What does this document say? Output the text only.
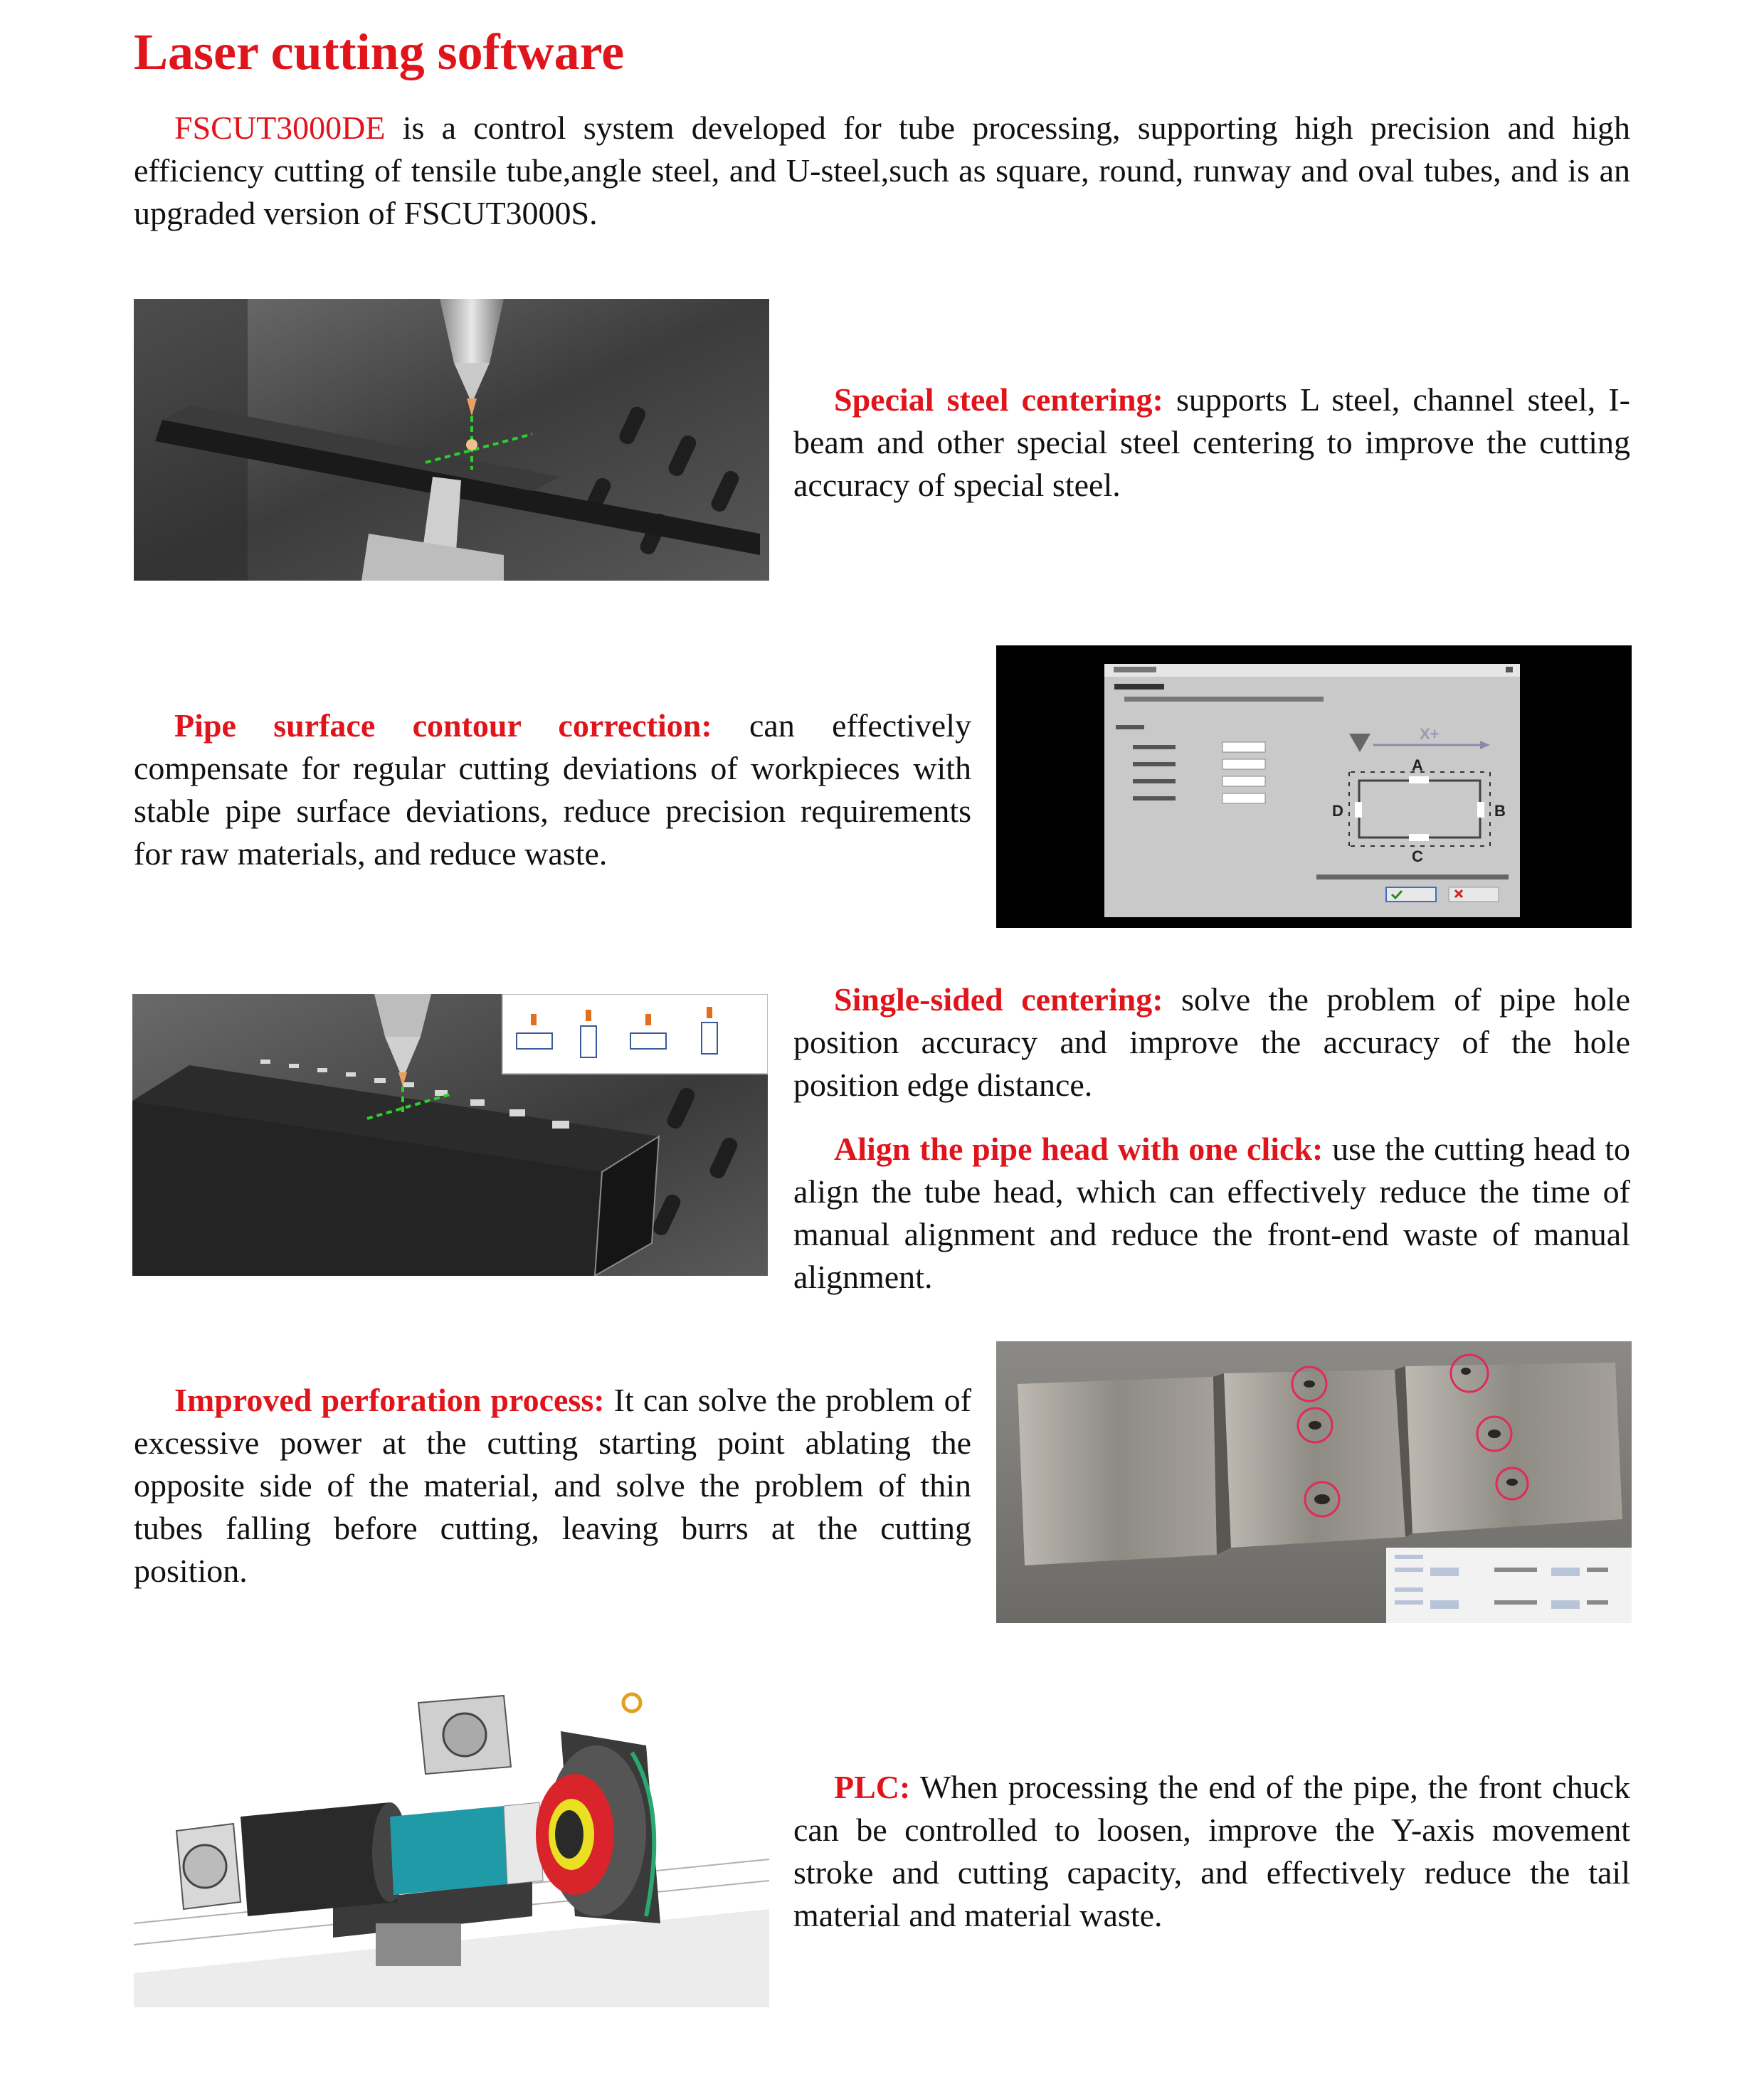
Laser cutting software

FSCUT3000DE is a control system developed for tube processing, supporting high precision and high efficiency cutting of tensile tube,angle steel, and U-steel,such as square, round, runway and oval tubes, and is an upgraded version of FSCUT3000S.

Special steel centering: supports L steel, channel steel, I-beam and other special steel centering to improve the cutting accuracy of special steel.

Pipe surface contour correction: can effectively compensate for regular cutting deviations of workpieces with stable pipe surface deviations, reduce precision requirements for raw materials, and reduce waste.

Single-sided centering: solve the problem of pipe hole position accuracy and improve the accuracy of the hole position edge distance.

Align the pipe head with one click: use the cutting head to align the tube head, which can effectively reduce the time of manual alignment and reduce the front-end waste of manual alignment.

Improved perforation process: It can solve the problem of excessive power at the cutting starting point ablating the opposite side of the material, and solve the problem of thin tubes falling before cutting, leaving burrs at the cutting position.

PLC: When processing the end of the pipe, the front chuck can be controlled to loosen, improve the Y-axis movement stroke and cutting capacity, and effectively reduce the tail material and material waste.

X+
A
B
C
D
